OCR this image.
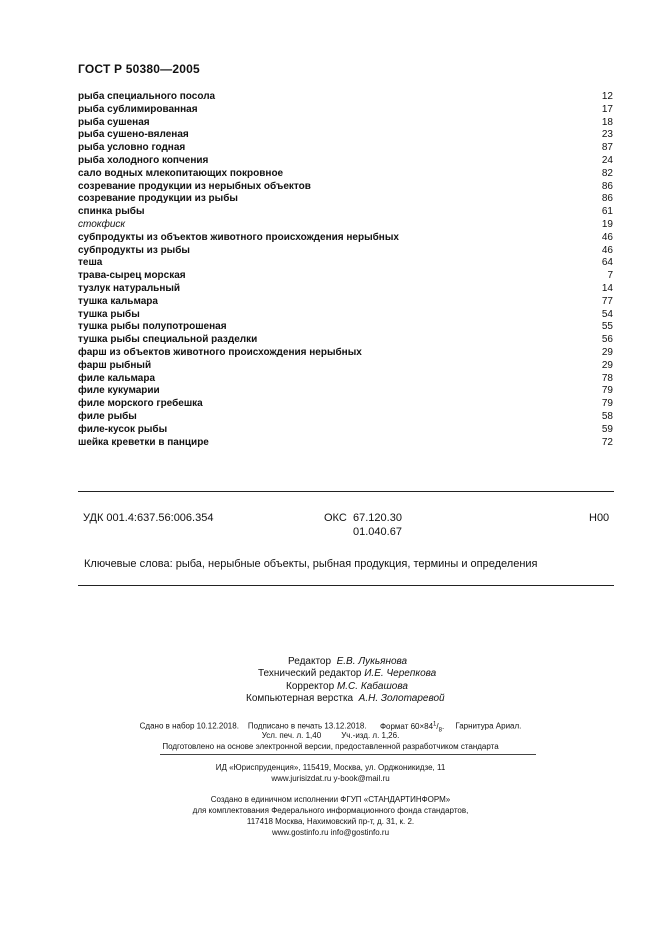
ГОСТ Р 50380—2005
рыба специального посола	12
рыба сублимированная	17
рыба сушеная	18
рыба сушено-вяленая	23
рыба условно годная	87
рыба холодного копчения	24
сало водных млекопитающих покровное	82
созревание продукции из нерыбных объектов	86
созревание продукции из рыбы	86
спинка рыбы	61
стокфиск	19
субпродукты из объектов животного происхождения нерыбных	46
субпродукты из рыбы	46
теша	64
трава-сырец морская	7
тузлук натуральный	14
тушка кальмара	77
тушка рыбы	54
тушка рыбы полупотрошеная	55
тушка рыбы специальной разделки	56
фарш из объектов животного происхождения нерыбных	29
фарш рыбный	29
филе кальмара	78
филе кукумарии	79
филе морского гребешка	79
филе рыбы	58
филе-кусок рыбы	59
шейка креветки в панцире	72
УДК 001.4:637.56:006.354	ОКС 67.120.30
01.040.67
Н00
Ключевые слова: рыба, нерыбные объекты, рыбная продукция, термины и определения
Редактор Е.В. Лукьянова
Технический редактор И.Е. Черепкова
Корректор М.С. Кабашова
Компьютерная верстка А.Н. Золотаревой
Сдано в набор 10.12.2018. Подписано в печать 13.12.2018. Формат $60\times 84^1/_8$. Гарнитура Ариал.
Усл. печ. л. 1,40	Уч.-изд. л. 1,26.
Подготовлено на основе электронной версии, предоставленной разработчиком стандарта
ИД «Юриспруденция», 115419, Москва, ул. Орджоникидзе, 11
www.jurisizdat.ru y-book@mail.ru
Создано в единичном исполнении ФГУП «СТАНДАРТИНФОРМ»
для комплектования Федерального информационного фонда стандартов,
117418 Москва, Нахимовский пр-т, д. 31, к. 2.
www.gostinfo.ru info@gostinfo.ru
